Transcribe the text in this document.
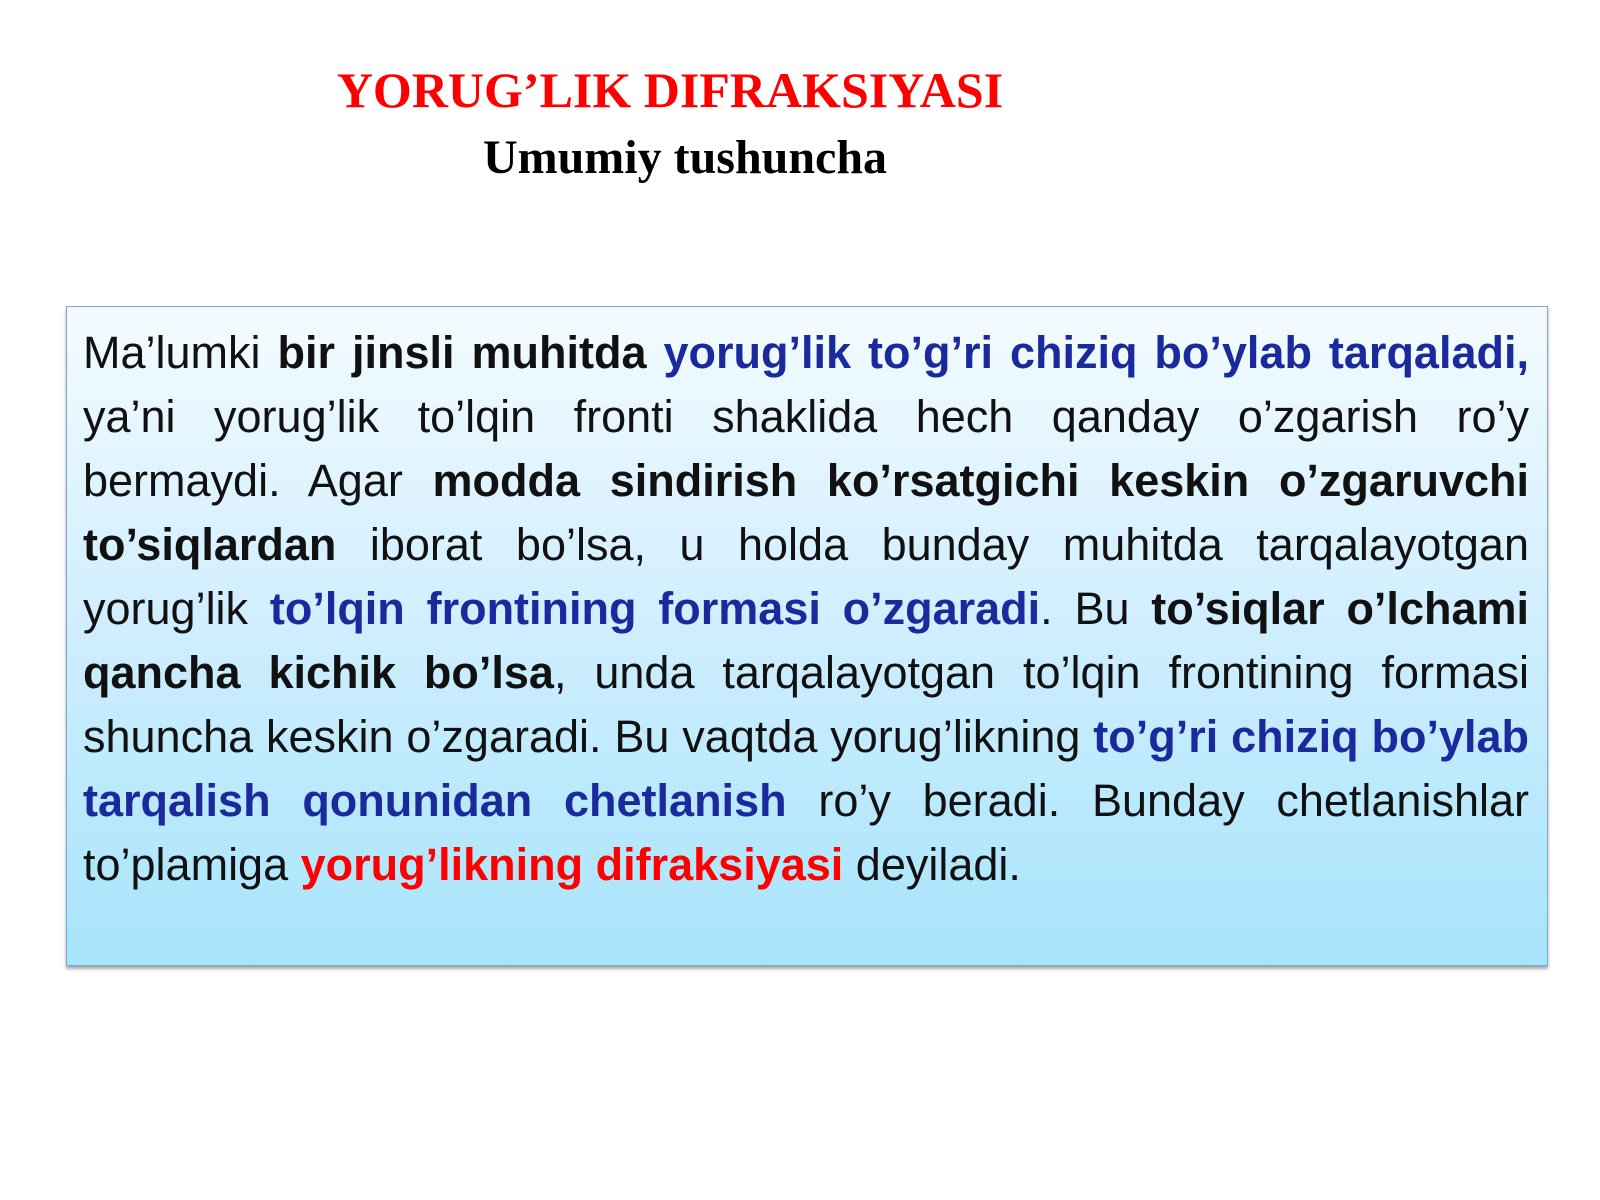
YORUG’LIK DIFRAKSIYASI
Umumiy tushuncha

Ma’lumki bir jinsli muhitda yorug’lik to’g’ri chiziq bo’ylab tarqaladi, ya’ni yorug’lik to’lqin fronti shaklida hech qanday o’zgarish ro’y bermaydi. Agar modda sindirish ko’rsatgichi keskin o’zgaruvchi to’siqlardan iborat bo’lsa, u holda bunday muhitda tarqalayotgan yorug’lik to’lqin frontining formasi o’zgaradi. Bu to’siqlar o’lchami qancha kichik bo’lsa, unda tarqalayotgan to’lqin frontining formasi shuncha keskin o’zgaradi. Bu vaqtda yorug’likning to’g’ri chiziq bo’ylab tarqalish qonunidan chetlanish ro’y beradi. Bunday chetlanishlar to’plamiga yorug’likning difraksiyasi deyiladi.
